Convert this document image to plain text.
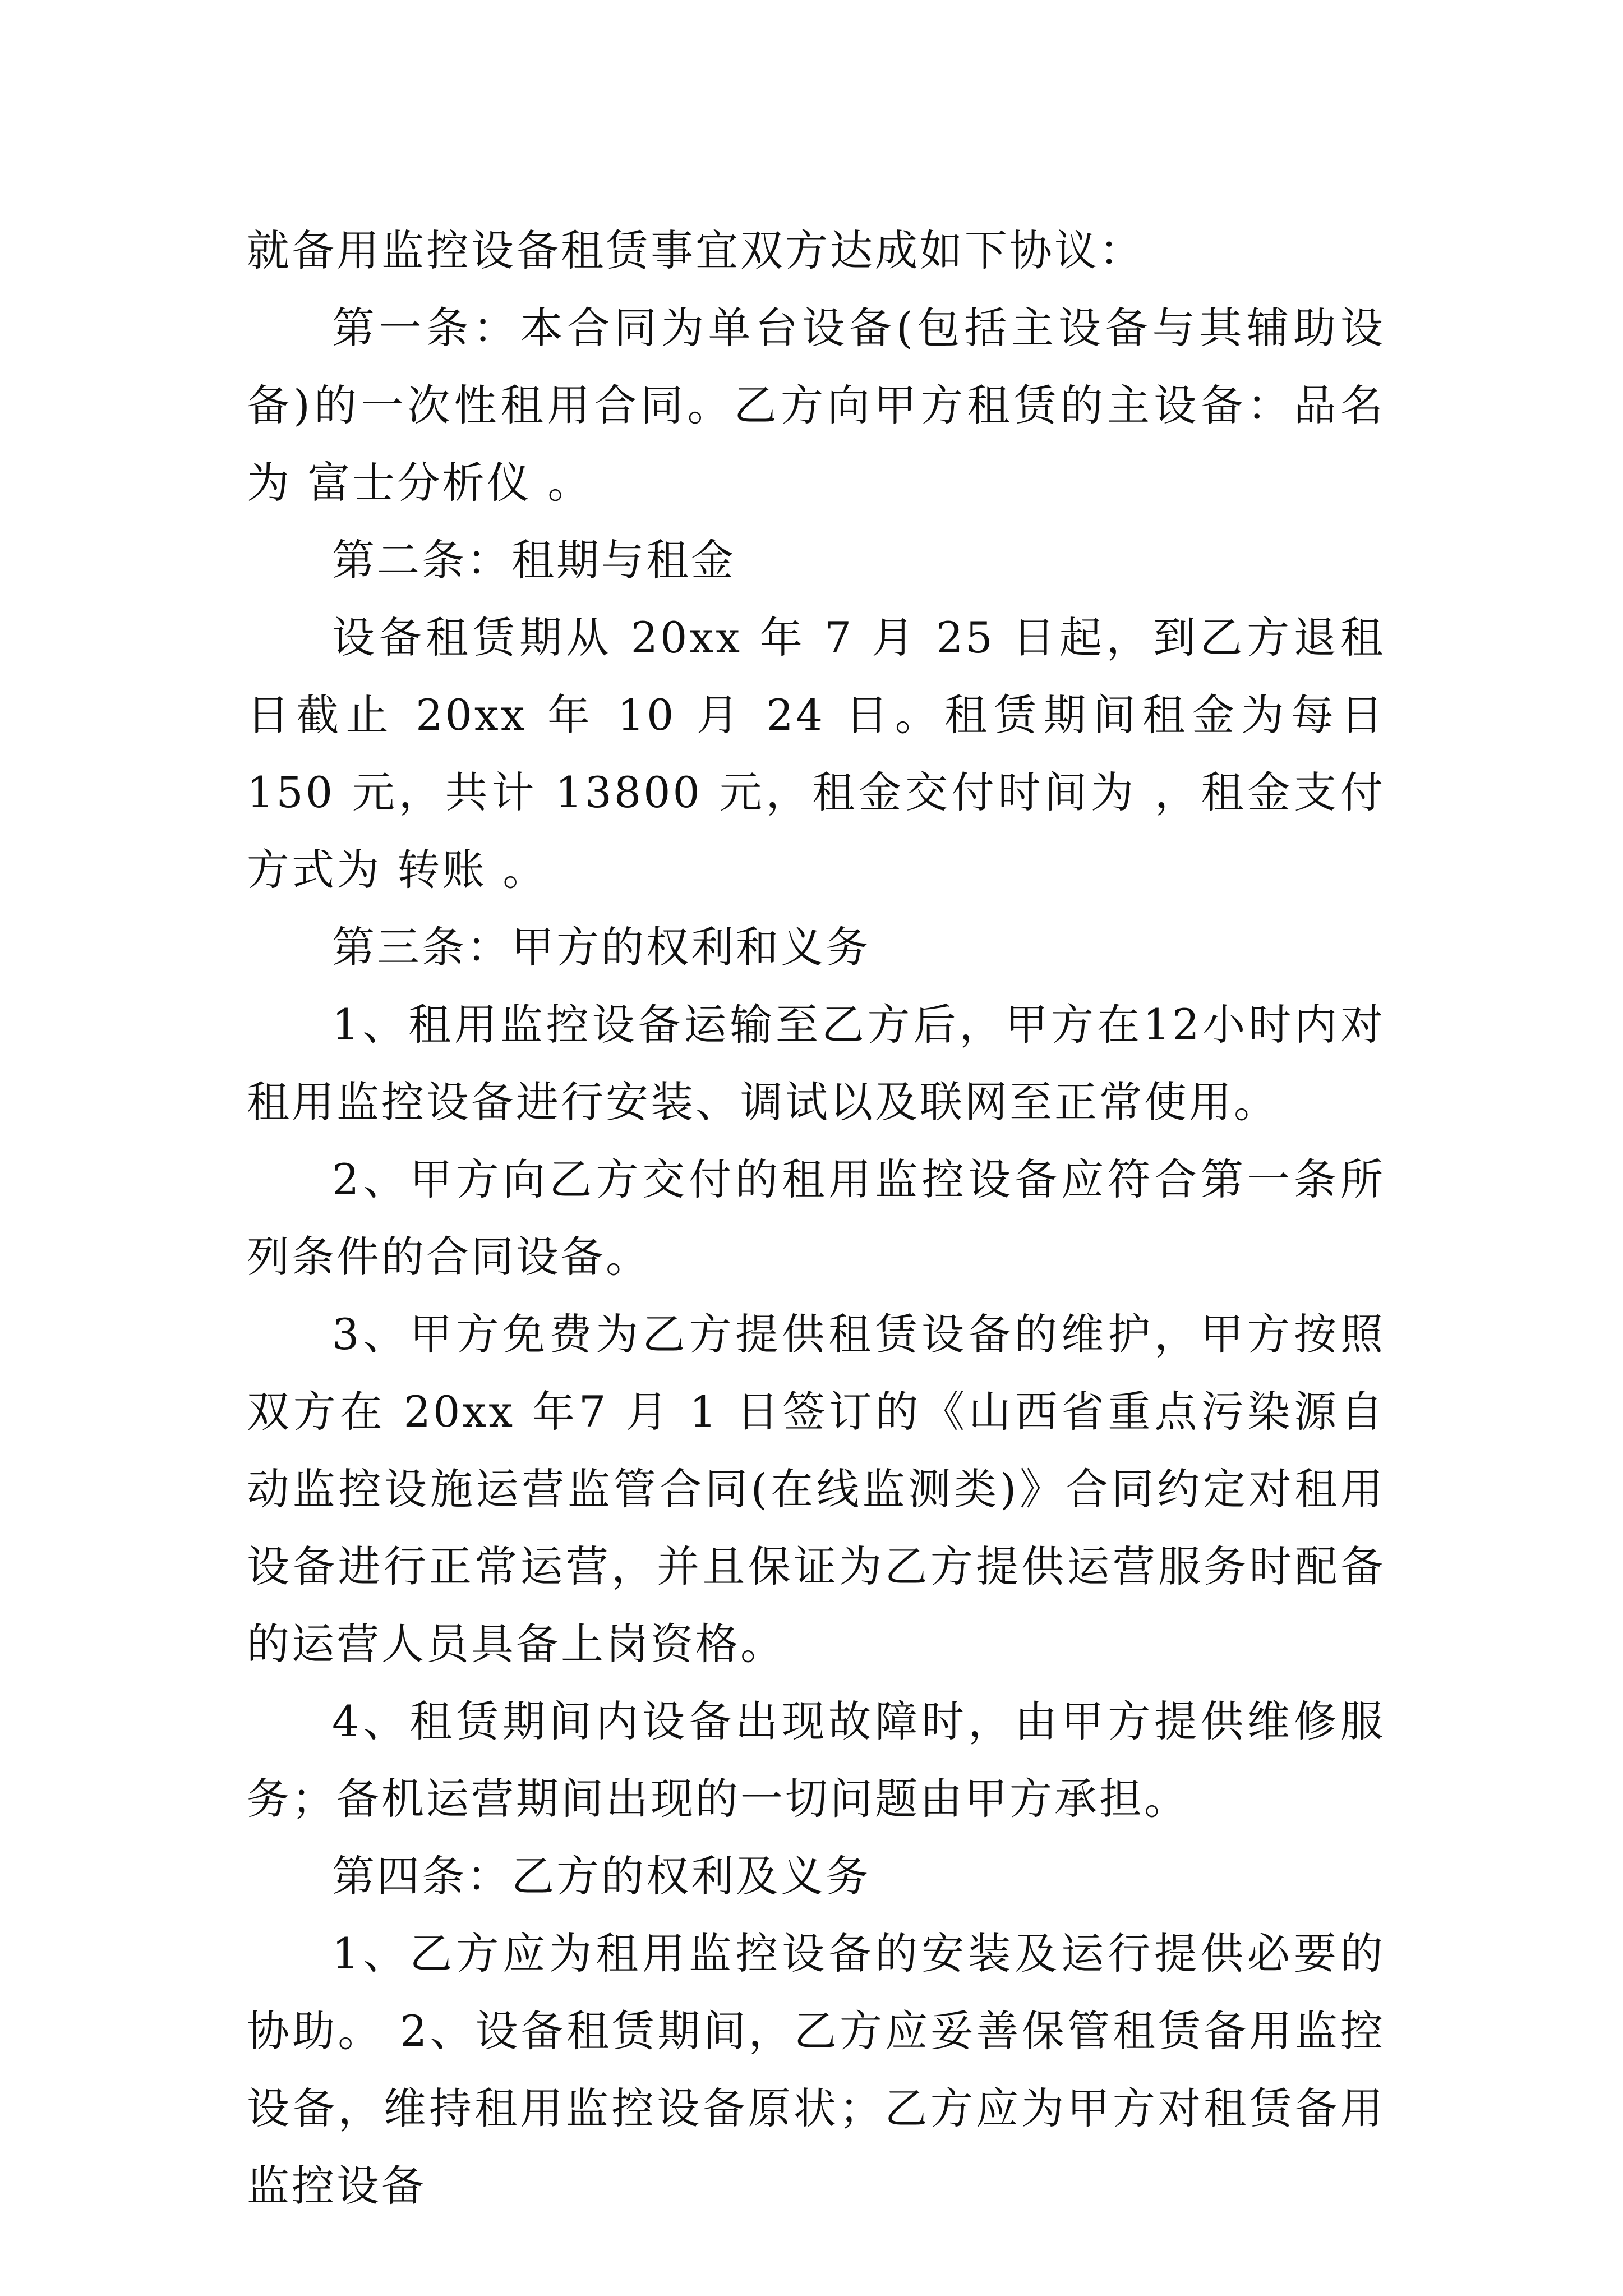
就备用监控设备租赁事宜双方达成如下协议：

第一条：本合同为单台设备(包括主设备与其辅助设备)的一次性租用合同。乙方向甲方租赁的主设备：品名为 富士分析仪 。

第二条：租期与租金

设备租赁期从 20xx 年 7 月 25 日起，到乙方退租日截止 20xx 年 10 月 24 日。租赁期间租金为每日 150 元，共计 13800 元，租金交付时间为 ，租金支付方式为 转账 。

第三条：甲方的权利和义务

1、租用监控设备运输至乙方后，甲方在12小时内对租用监控设备进行安装、调试以及联网至正常使用。

2、甲方向乙方交付的租用监控设备应符合第一条所列条件的合同设备。

3、甲方免费为乙方提供租赁设备的维护，甲方按照双方在 20xx 年7 月 1 日签订的《山西省重点污染源自动监控设施运营监管合同(在线监测类)》合同约定对租用设备进行正常运营，并且保证为乙方提供运营服务时配备的运营人员具备上岗资格。

4、租赁期间内设备出现故障时，由甲方提供维修服务；备机运营期间出现的一切问题由甲方承担。

第四条：乙方的权利及义务

1、乙方应为租用监控设备的安装及运行提供必要的协助。 2、设备租赁期间，乙方应妥善保管租赁备用监控设备，维持租用监控设备原状；乙方应为甲方对租赁备用监控设备
